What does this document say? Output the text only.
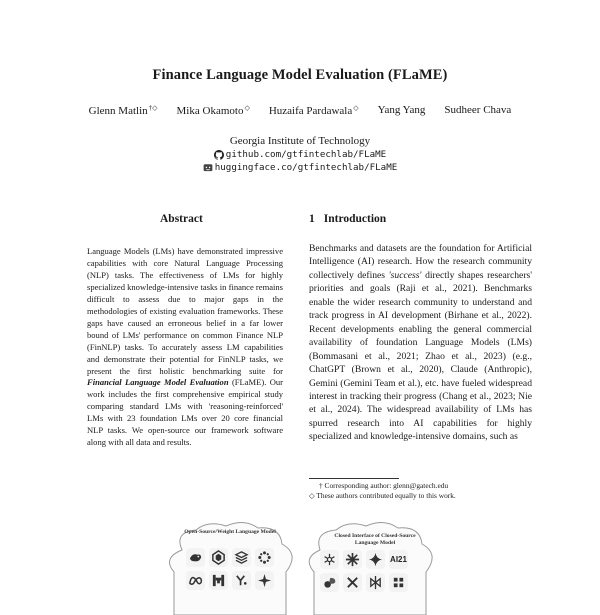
Finance Language Model Evaluation (FLaME)
Glenn Matlin†◇ Mika Okamoto◇ Huzaifa Pardawala◇ Yang Yang Sudheer Chava
Georgia Institute of Technology
github.com/gtfintechlab/FLaME
huggingface.co/gtfintechlab/FLaME
Abstract	1 Introduction
Language Models (LMs) have demonstrated impressive capabilities with core Natural Language Processing (NLP) tasks. The effectiveness of LMs for highly specialized knowledge-intensive tasks in finance remains difficult to assess due to major gaps in the methodologies of existing evaluation frameworks. These gaps have caused an erroneous belief in a far lower bound of LMs' performance on common Finance NLP (FinNLP) tasks. To accurately assess LM capabilities and demonstrate their potential for FinNLP tasks, we present the first holistic benchmarking suite for Financial Language Model Evaluation (FLaME). Our work includes the first comprehensive empirical study comparing standard LMs with 'reasoning-reinforced' LMs with 23 foundation LMs over 20 core financial NLP tasks. We open-source our framework software along with all data and results.
Benchmarks and datasets are the foundation for Artificial Intelligence (AI) research. How the research community collectively defines 'success' directly shapes researchers' priorities and goals (Raji et al., 2021). Benchmarks enable the wider research community to understand and track progress in AI development (Birhane et al., 2022). Recent developments enabling the general commercial availability of foundation Language Models (LMs) (Bommasani et al., 2021; Zhao et al., 2023) (e.g., ChatGPT (Brown et al., 2020), Claude (Anthropic), Gemini (Gemini Team et al.), etc. have fueled widespread interest in tracking their progress (Chang et al., 2023; Nie et al., 2024). The widespread availability of LMs has spurred research into AI capabilities for highly specialized and knowledge-intensive domains, such as
† Corresponding author: glenn@gatech.edu
◇ These authors contributed equally to this work.
Open-Source/Weight Language Model
Closed Interface of Closed-Source Language Model
AI21
